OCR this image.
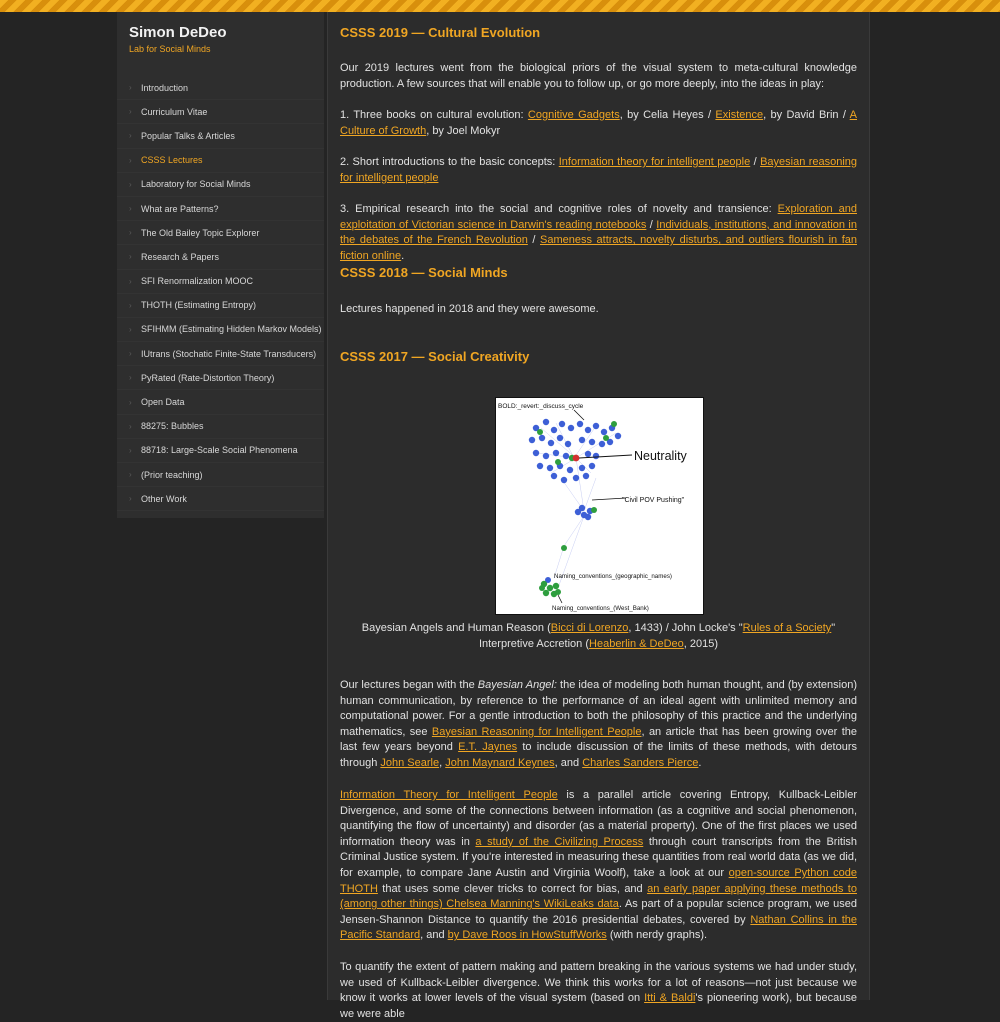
Simon DeDeo
Lab for Social Minds
›	Introduction
›	Curriculum Vitae
›	Popular Talks & Articles
›	CSSS Lectures
›	Laboratory for Social Minds
›	What are Patterns?
›	The Old Bailey Topic Explorer
›	Research & Papers
›	SFI Renormalization MOOC
›	THOTH (Estimating Entropy)
›	SFIHMM (Estimating Hidden Markov Models)
›	IUtrans (Stochatic Finite-State Transducers)
›	PyRated (Rate-Distortion Theory)
›	Open Data
›	88275: Bubbles
›	88718: Large-Scale Social Phenomena
›	(Prior teaching)
›	Other Work
CSSS 2019 — Cultural Evolution
Our 2019 lectures went from the biological priors of the visual system to meta-cultural knowledge production. A few sources that will enable you to follow up, or go more deeply, into the ideas in play:
1. Three books on cultural evolution: Cognitive Gadgets, by Celia Heyes / Existence, by David Brin / A Culture of Growth, by Joel Mokyr
2. Short introductions to the basic concepts: Information theory for intelligent people / Bayesian reasoning for intelligent people
3. Empirical research into the social and cognitive roles of novelty and transience: Exploration and exploitation of Victorian science in Darwin's reading notebooks / Individuals, institutions, and innovation in the debates of the French Revolution / Sameness attracts, novelty disturbs, and outliers flourish in fan fiction online.
CSSS 2018 — Social Minds
Lectures happened in 2018 and they were awesome.
CSSS 2017 — Social Creativity
BOLD:_revert:_discuss_cycle
Neutrality
"Civil POV Pushing"
Naming_conventions_(geographic_names)
Naming_conventions_(West_Bank)
Bayesian Angels and Human Reason (Bicci di Lorenzo, 1433) / John Locke's "Rules of a Society"
Interpretive Accretion (Heaberlin & DeDeo, 2015)
Our lectures began with the Bayesian Angel: the idea of modeling both human thought, and (by extension) human communication, by reference to the performance of an ideal agent with unlimited memory and computational power. For a gentle introduction to both the philosophy of this practice and the underlying mathematics, see Bayesian Reasoning for Intelligent People, an article that has been growing over the last few years beyond E.T. Jaynes to include discussion of the limits of these methods, with detours through John Searle, John Maynard Keynes, and Charles Sanders Pierce.
Information Theory for Intelligent People is a parallel article covering Entropy, Kullback-Leibler Divergence, and some of the connections between information (as a cognitive and social phenomenon, quantifying the flow of uncertainty) and disorder (as a material property). One of the first places we used information theory was in a study of the Civilizing Process through court transcripts from the British Criminal Justice system. If you're interested in measuring these quantities from real world data (as we did, for example, to compare Jane Austin and Virginia Woolf), take a look at our open-source Python code THOTH that uses some clever tricks to correct for bias, and an early paper applying these methods to (among other things) Chelsea Manning's WikiLeaks data. As part of a popular science program, we used Jensen-Shannon Distance to quantify the 2016 presidential debates, covered by Nathan Collins in the Pacific Standard, and by Dave Roos in HowStuffWorks (with nerdy graphs).
To quantify the extent of pattern making and pattern breaking in the various systems we had under study, we used of Kullback-Leibler divergence. We think this works for a lot of reasons—not just because we know it works at lower levels of the visual system (based on Itti & Baldi's pioneering work), but because we were able
